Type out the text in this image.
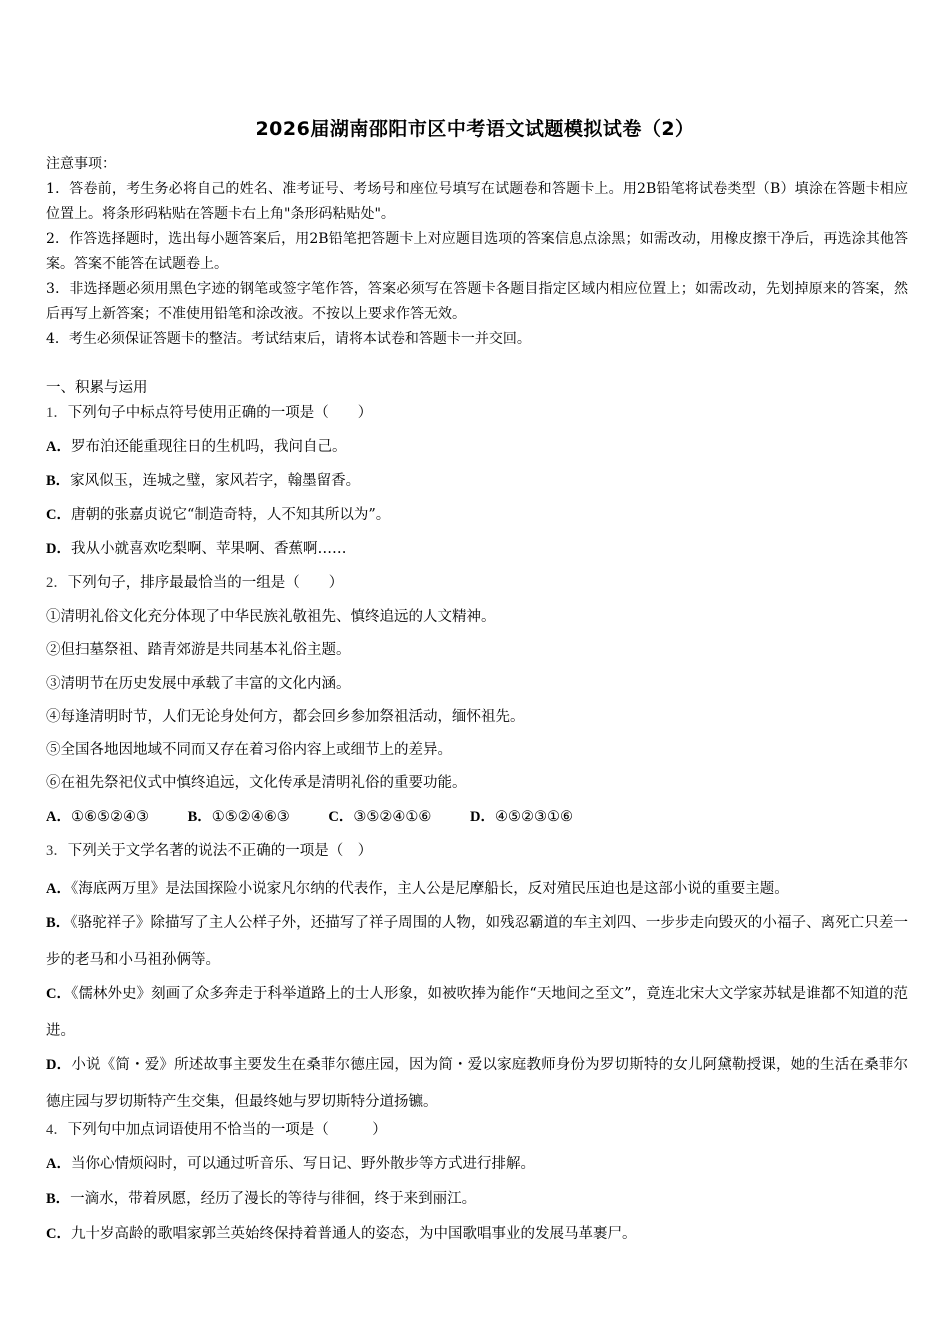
2026届湖南邵阳市区中考语文试题模拟试卷（2）
注意事项：
1．答卷前，考生务必将自己的姓名、准考证号、考场号和座位号填写在试题卷和答题卡上。用2B铅笔将试卷类型（B）填涂在答题卡相应位置上。将条形码粘贴在答题卡右上角"条形码粘贴处"。
2．作答选择题时，选出每小题答案后，用2B铅笔把答题卡上对应题目选项的答案信息点涂黑；如需改动，用橡皮擦干净后，再选涂其他答案。答案不能答在试题卷上。
3．非选择题必须用黑色字迹的钢笔或签字笔作答，答案必须写在答题卡各题目指定区域内相应位置上；如需改动，先划掉原来的答案，然后再写上新答案；不准使用铅笔和涂改液。不按以上要求作答无效。
4．考生必须保证答题卡的整洁。考试结束后，请将本试卷和答题卡一并交回。
一、积累与运用
1．下列句子中标点符号使用正确的一项是（　　）
A．罗布泊还能重现往日的生机吗，我问自己。
B．家风似玉，连城之璧，家风若字，翰墨留香。
C．唐朝的张嘉贞说它“制造奇特，人不知其所以为”。
D．我从小就喜欢吃梨啊、苹果啊、香蕉啊……
2．下列句子，排序最最恰当的一组是（　　）
①清明礼俗文化充分体现了中华民族礼敬祖先、慎终追远的人文精神。
②但扫墓祭祖、踏青郊游是共同基本礼俗主题。
③清明节在历史发展中承载了丰富的文化内涵。
④每逢清明时节，人们无论身处何方，都会回乡参加祭祖活动，缅怀祖先。
⑤全国各地因地域不同而又存在着习俗内容上或细节上的差异。
⑥在祖先祭祀仪式中慎终追远，文化传承是清明礼俗的重要功能。
A．①⑥⑤②④③	B．①⑤②④⑥③	C．③⑤②④①⑥	D．④⑤②③①⑥
3．下列关于文学名著的说法不正确的一项是（　）
A．《海底两万里》是法国探险小说家凡尔纳的代表作，主人公是尼摩船长，反对殖民压迫也是这部小说的重要主题。
B．《骆驼祥子》除描写了主人公样子外，还描写了祥子周围的人物，如残忍霸道的车主刘四、一步步走向毁灭的小福子、离死亡只差一步的老马和小马祖孙俩等。
C．《儒林外史》刻画了众多奔走于科举道路上的士人形象，如被吹捧为能作“天地间之至文”，竟连北宋大文学家苏轼是谁都不知道的范进。
D．小说《简・爱》所述故事主要发生在桑菲尔德庄园，因为简・爱以家庭教师身份为罗切斯特的女儿阿黛勒授课，她的生活在桑菲尔德庄园与罗切斯特产生交集，但最终她与罗切斯特分道扬镳。
4．下列句中加点词语使用不恰当的一项是（　　　）
A．当你心情烦闷时，可以通过听音乐、写日记、野外散步等方式进行排解。
B．一滴水，带着夙愿，经历了漫长的等待与徘徊，终于来到丽江。
C．九十岁高龄的歌唱家郭兰英始终保持着普通人的姿态，为中国歌唱事业的发展马革裹尸。
